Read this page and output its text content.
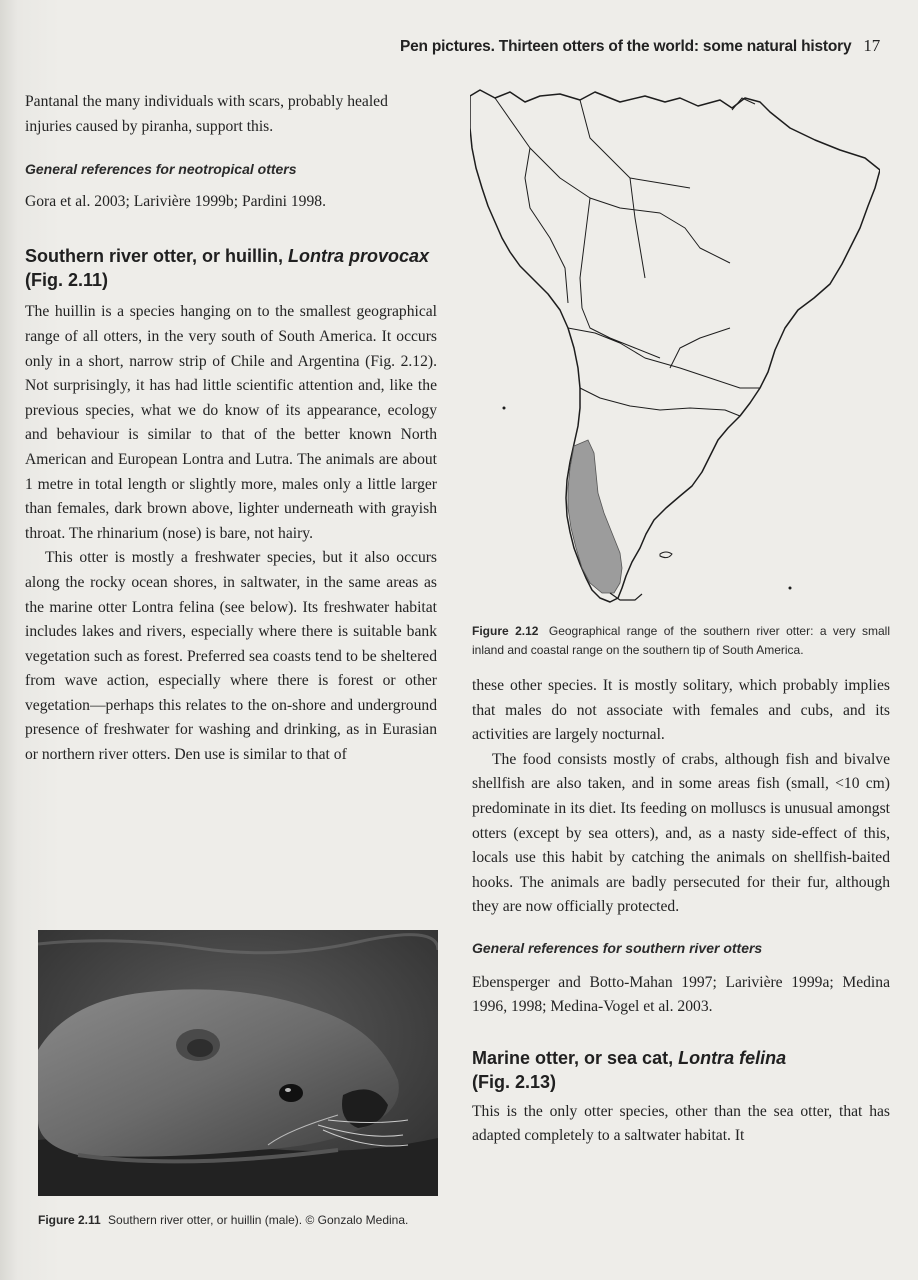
Pen pictures. Thirteen otters of the world: some natural history 17

Pantanal the many individuals with scars, probably healed injuries caused by piranha, support this.

General references for neotropical otters

Gora et al. 2003; Larivière 1999b; Pardini 1998.

Southern river otter, or huillin, Lontra provocax
(Fig. 2.11)

The huillin is a species hanging on to the smallest geographical range of all otters, in the very south of South America. It occurs only in a short, narrow strip of Chile and Argentina (Fig. 2.12). Not surprisingly, it has had little scientific attention and, like the previous species, what we do know of its appearance, ecology and behaviour is similar to that of the better known North American and European Lontra and Lutra. The animals are about 1 metre in total length or slightly more, males only a little larger than females, dark brown above, lighter underneath with grayish throat. The rhinarium (nose) is bare, not hairy.

This otter is mostly a freshwater species, but it also occurs along the rocky ocean shores, in saltwater, in the same areas as the marine otter Lontra felina (see below). Its freshwater habitat includes lakes and rivers, especially where there is suitable bank vegetation such as forest. Preferred sea coasts tend to be sheltered from wave action, especially where there is forest or other vegetation—perhaps this relates to the on-shore and underground presence of freshwater for washing and drinking, as in Eurasian or northern river otters. Den use is similar to that of

Figure 2.11 Southern river otter, or huillin (male). © Gonzalo Medina.

Figure 2.12 Geographical range of the southern river otter: a very small inland and coastal range on the southern tip of South America.

these other species. It is mostly solitary, which probably implies that males do not associate with females and cubs, and its activities are largely nocturnal.

The food consists mostly of crabs, although fish and bivalve shellfish are also taken, and in some areas fish (small, <10 cm) predominate in its diet. Its feeding on molluscs is unusual amongst otters (except by sea otters), and, as a nasty side-effect of this, locals use this habit by catching the animals on shellfish-baited hooks. The animals are badly persecuted for their fur, although they are now officially protected.

General references for southern river otters

Ebensperger and Botto-Mahan 1997; Larivière 1999a; Medina 1996, 1998; Medina-Vogel et al. 2003.

Marine otter, or sea cat, Lontra felina
(Fig. 2.13)

This is the only otter species, other than the sea otter, that has adapted completely to a saltwater habitat. It
